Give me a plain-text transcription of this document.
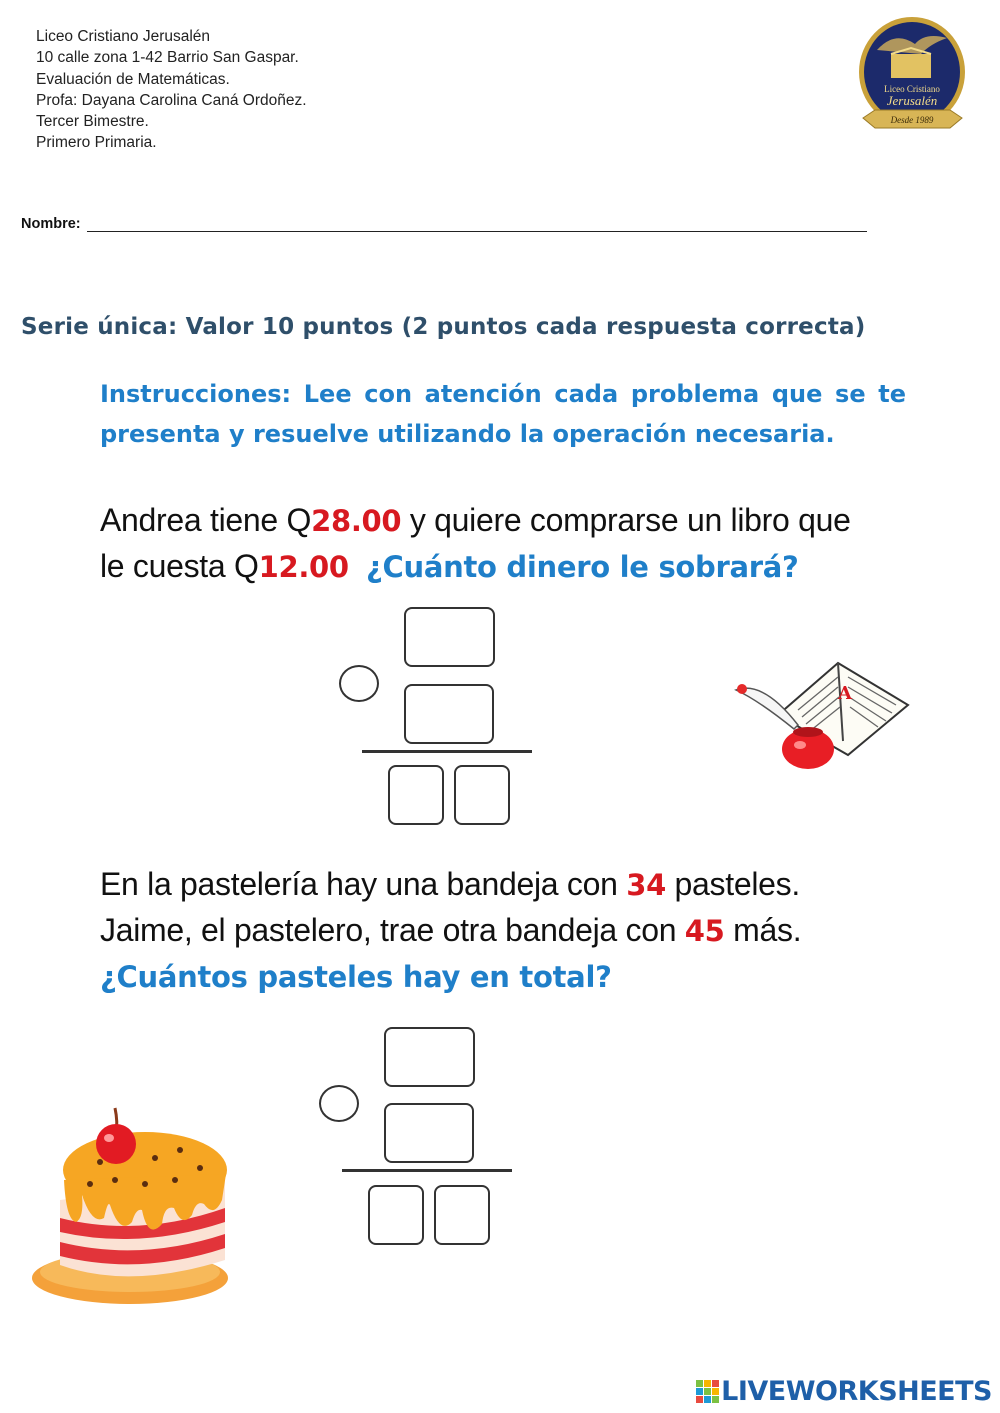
Liceo Cristiano Jerusalén
10 calle zona 1-42 Barrio San Gaspar.
Evaluación de Matemáticas.
Profa: Dayana Carolina Caná Ordoñez.
Tercer Bimestre.
Primero Primaria.
Liceo Cristiano
Jerusalén
Desde 1989
Nombre:
Serie única: Valor 10 puntos (2 puntos cada respuesta correcta)
Instrucciones: Lee con atención cada problema que se te presenta y resuelve utilizando la operación necesaria.
Andrea tiene Q28.00 y quiere comprarse un libro que
le cuesta Q12.00 ¿Cuánto dinero le sobrará?
A
En la pastelería hay una bandeja con 34 pasteles.
Jaime, el pastelero, trae otra bandeja con 45 más.
¿Cuántos pasteles hay en total?
LIVEWORKSHEETS
